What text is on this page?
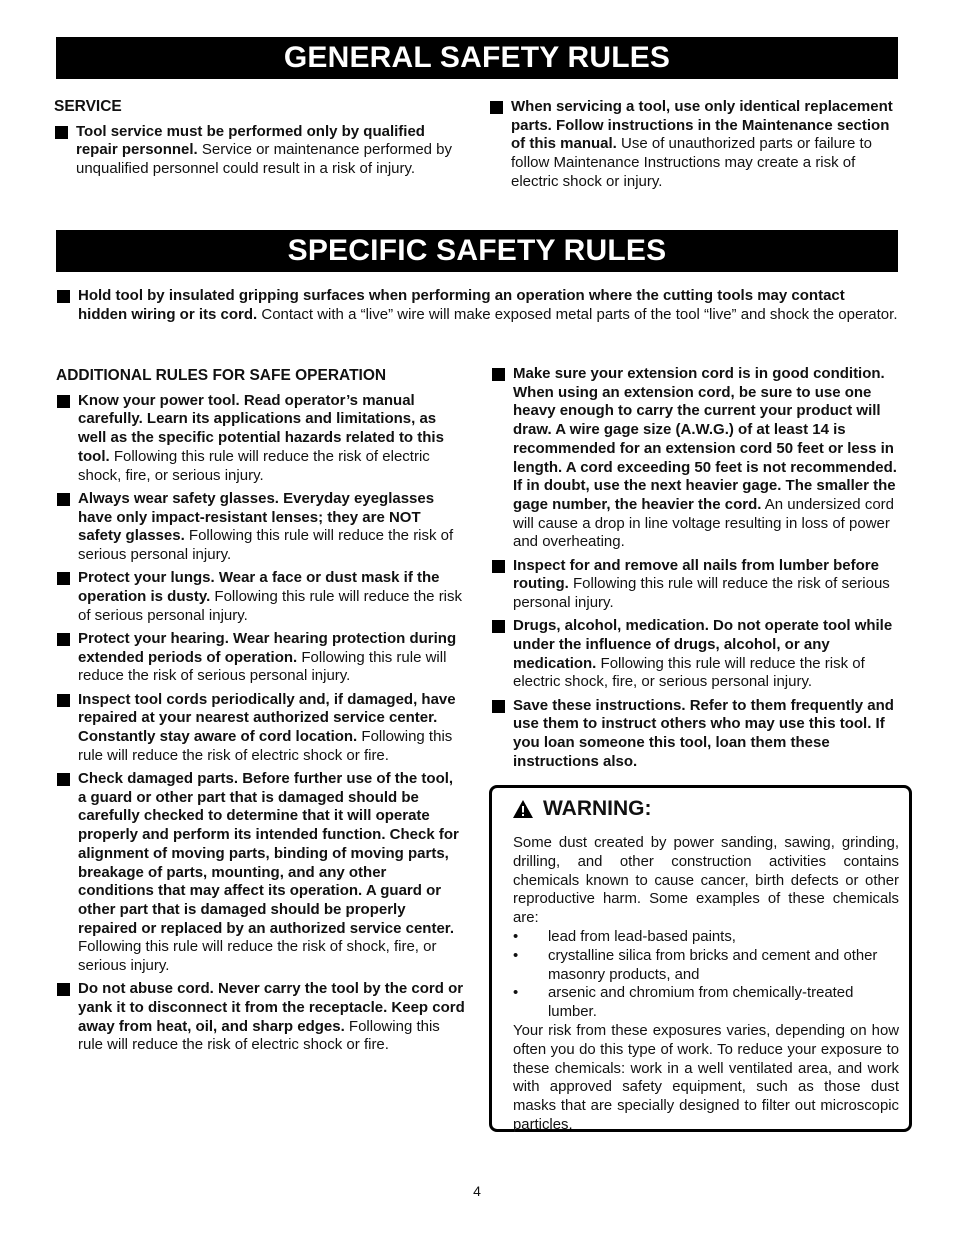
GENERAL SAFETY RULES
SERVICE
Tool service must be performed only by qualified repair personnel. Service or maintenance performed by unqualified personnel could result in a risk of injury.
When servicing a tool, use only identical replacement parts. Follow instructions in the Maintenance section of this manual. Use of unauthorized parts or failure to follow Maintenance Instructions may create a risk of electric shock or injury.
SPECIFIC SAFETY RULES
Hold tool by insulated gripping surfaces when performing an operation where the cutting tools may contact hidden wiring or its cord. Contact with a “live” wire will make exposed metal parts of the tool “live” and shock the operator.
ADDITIONAL RULES FOR SAFE OPERATION
Know your power tool. Read operator’s manual carefully. Learn its applications and limitations, as well as the specific potential hazards related to this tool. Following this rule will reduce the risk of electric shock, fire, or serious injury.
Always wear safety glasses. Everyday eyeglasses have only impact-resistant lenses; they are NOT safety glasses. Following this rule will reduce the risk of serious personal injury.
Protect your lungs. Wear a face or dust mask if the operation is dusty. Following this rule will reduce the risk of serious personal injury.
Protect your hearing. Wear hearing protection during extended periods of operation. Following this rule will reduce the risk of serious personal injury.
Inspect tool cords periodically and, if damaged, have repaired at your nearest authorized service center. Constantly stay aware of cord location. Following this rule will reduce the risk of electric shock or fire.
Check damaged parts. Before further use of the tool, a guard or other part that is damaged should be carefully checked to determine that it will operate properly and perform its intended function. Check for alignment of moving parts, binding of moving parts, breakage of parts, mounting, and any other conditions that may affect its operation. A guard or other part that is damaged should be properly repaired or replaced by an authorized service center. Following this rule will reduce the risk of shock, fire, or serious injury.
Do not abuse cord. Never carry the tool by the cord or yank it to disconnect it from the receptacle. Keep cord away from heat, oil, and sharp edges. Following this rule will reduce the risk of electric shock or fire.
Make sure your extension cord is in good condition. When using an extension cord, be sure to use one heavy enough to carry the current your product will draw. A wire gage size (A.W.G.) of at least 14 is recommended for an extension cord 50 feet or less in length. A cord exceeding 50 feet is not recommended. If in doubt, use the next heavier gage. The smaller the gage number, the heavier the cord. An undersized cord will cause a drop in line voltage resulting in loss of power and overheating.
Inspect for and remove all nails from lumber before routing. Following this rule will reduce the risk of serious personal injury.
Drugs, alcohol, medication. Do not operate tool while under the influence of drugs, alcohol, or any medication. Following this rule will reduce the risk of electric shock, fire, or serious personal injury.
Save these instructions. Refer to them frequently and use them to instruct others who may use this tool. If you loan someone this tool, loan them these instructions also.
WARNING:

Some dust created by power sanding, sawing, grinding, drilling, and other construction activities contains chemicals known to cause cancer, birth defects or other reproductive harm. Some examples of these chemicals are:

• lead from lead-based paints,
• crystalline silica from bricks and cement and other masonry products, and
• arsenic and chromium from chemically-treated lumber.

Your risk from these exposures varies, depending on how often you do this type of work. To reduce your exposure to these chemicals: work in a well ventilated area, and work with approved safety equipment, such as those dust masks that are specially designed to filter out microscopic particles.

4
